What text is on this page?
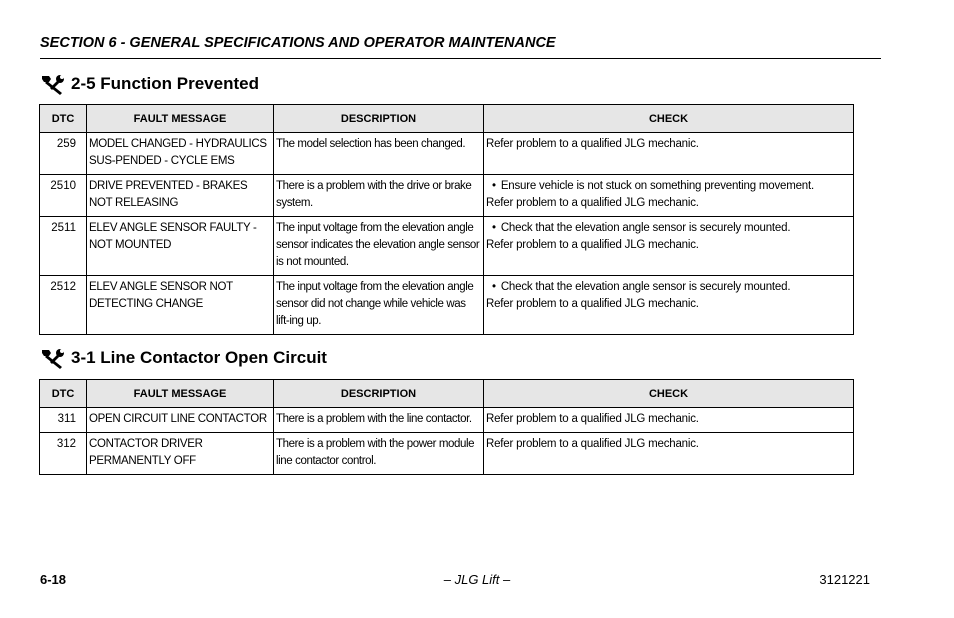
SECTION 6 - GENERAL SPECIFICATIONS AND OPERATOR MAINTENANCE
2-5 Function Prevented
DTC	FAULT MESSAGE	DESCRIPTION	CHECK
259	MODEL CHANGED - HYDRAULICS SUS-PENDED - CYCLE EMS	The model selection has been changed.	Refer problem to a qualified JLG mechanic.
2510	DRIVE PREVENTED - BRAKES NOT RELEASING	There is a problem with the drive or brake system.	• Ensure vehicle is not stuck on something preventing movement.
Refer problem to a qualified JLG mechanic.
2511	ELEV ANGLE SENSOR FAULTY - NOT MOUNTED	The input voltage from the elevation angle sensor indicates the elevation angle sensor is not mounted.	• Check that the elevation angle sensor is securely mounted.
Refer problem to a qualified JLG mechanic.
2512	ELEV ANGLE SENSOR NOT DETECTING CHANGE	The input voltage from the elevation angle sensor did not change while vehicle was lift-ing up.	• Check that the elevation angle sensor is securely mounted.
Refer problem to a qualified JLG mechanic.
3-1 Line Contactor Open Circuit
DTC	FAULT MESSAGE	DESCRIPTION	CHECK
311	OPEN CIRCUIT LINE CONTACTOR	There is a problem with the line contactor.	Refer problem to a qualified JLG mechanic.
312	CONTACTOR DRIVER PERMANENTLY OFF	There is a problem with the power module line contactor control.	Refer problem to a qualified JLG mechanic.
6-18	– JLG Lift –	3121221
